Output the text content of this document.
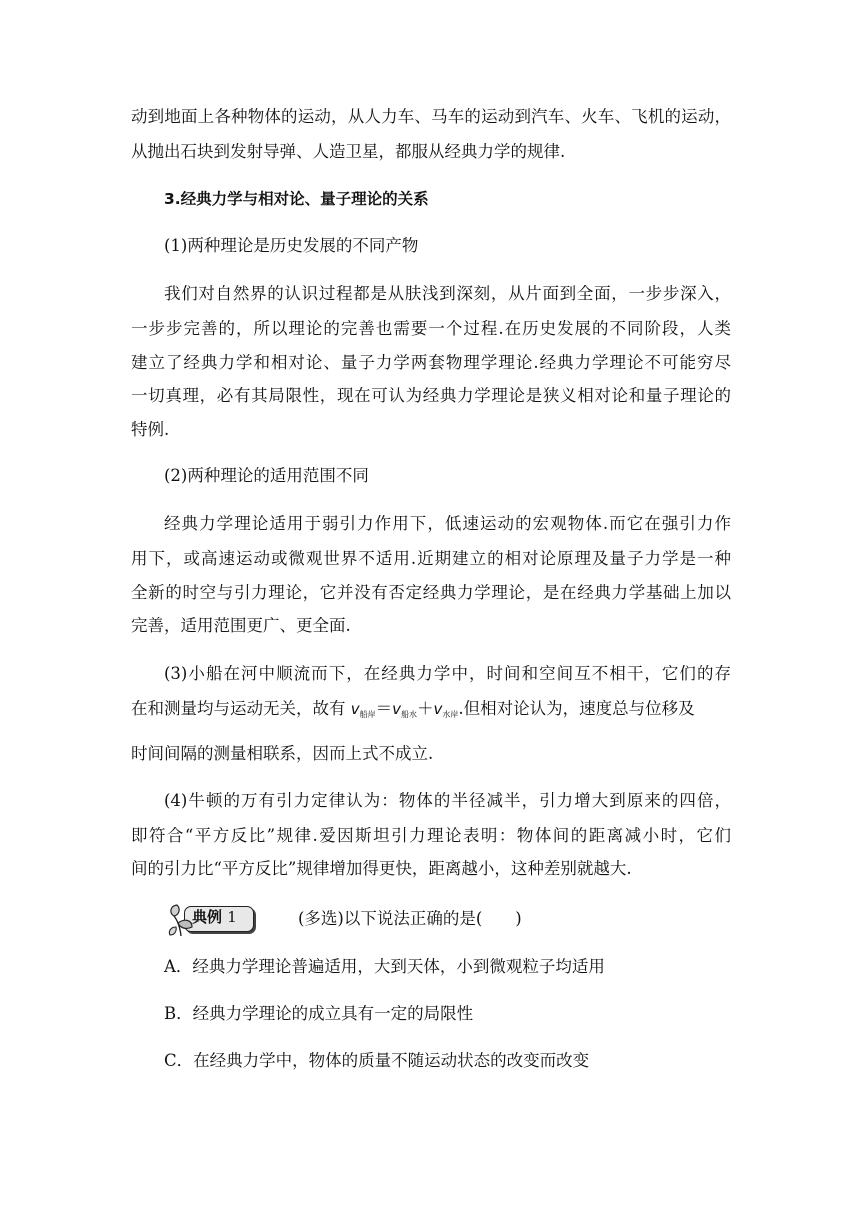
动到地面上各种物体的运动，从人力车、马车的运动到汽车、火车、飞机的运动，
从抛出石块到发射导弹、人造卫星，都服从经典力学的规律.
3.经典力学与相对论、量子理论的关系
(1)两种理论是历史发展的不同产物
我们对自然界的认识过程都是从肤浅到深刻，从片面到全面，一步步深入，
一步步完善的，所以理论的完善也需要一个过程.在历史发展的不同阶段，人类
建立了经典力学和相对论、量子力学两套物理学理论.经典力学理论不可能穷尽
一切真理，必有其局限性，现在可认为经典力学理论是狭义相对论和量子理论的
特例.
(2)两种理论的适用范围不同
经典力学理论适用于弱引力作用下，低速运动的宏观物体.而它在强引力作
用下，或高速运动或微观世界不适用.近期建立的相对论原理及量子力学是一种
全新的时空与引力理论，它并没有否定经典力学理论，是在经典力学基础上加以
完善，适用范围更广、更全面.
(3)小船在河中顺流而下，在经典力学中，时间和空间互不相干，它们的存
在和测量均与运动无关，故有 $v_{船岸}=v_{船水}+v_{水岸}$.但相对论认为，速度总与位移及
时间间隔的测量相联系，因而上式不成立.
(4)牛顿的万有引力定律认为：物体的半径减半，引力增大到原来的四倍，
即符合“平方反比”规律.爱因斯坦引力理论表明：物体间的距离减小时，它们
间的引力比“平方反比”规律增加得更快，距离越小，这种差别就越大.
典例 1	(多选)以下说法正确的是(　　)
A．经典力学理论普遍适用，大到天体，小到微观粒子均适用
B．经典力学理论的成立具有一定的局限性
C．在经典力学中，物体的质量不随运动状态的改变而改变
